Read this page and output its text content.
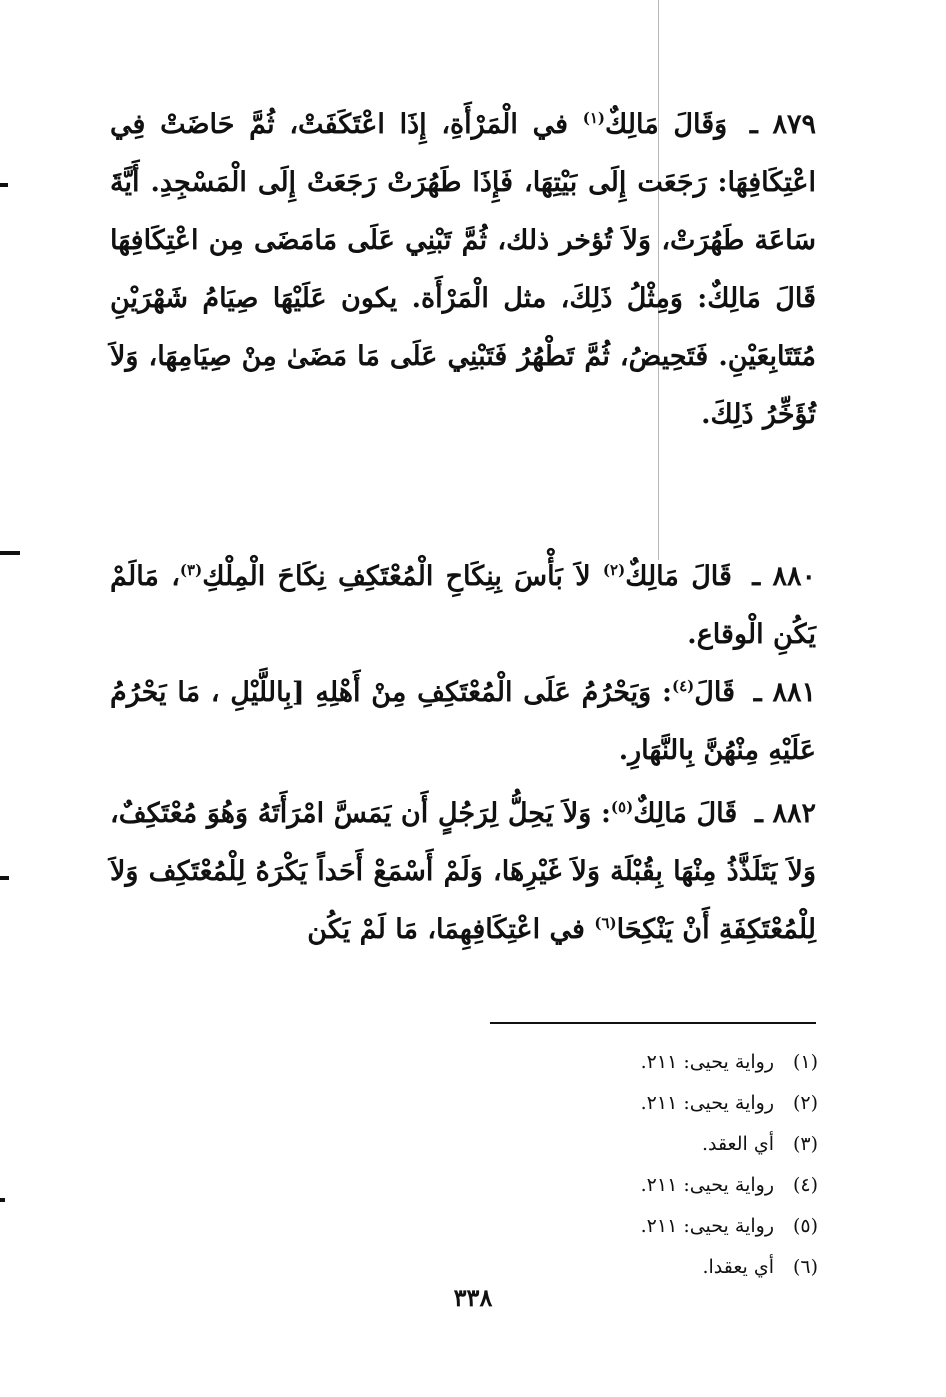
٨٧٩ ـ وَقَالَ مَالِكٌ$^{(١)}$ في الْمَرْأَةِ، إِذَا اعْتَكَفَتْ، ثُمَّ حَاضَتْ فِي اعْتِكَافِهَا: رَجَعَت إِلَى بَيْتِهَا، فَإِذَا طَهُرَتْ رَجَعَتْ إِلَى الْمَسْجِدِ. أَيَّةَ سَاعَة طَهُرَتْ، وَلاَ تُؤخر ذلك، ثُمَّ تَبْنِي عَلَى مَامَضَى مِن اعْتِكَافِهَا قَالَ مَالِكٌ: وَمِثْلُ ذَلِكَ، مثل الْمَرْأَة. يكون عَلَيْهَا صِيَامُ شَهْرَيْنِ مُتَتَابِعَيْنِ. فَتَحِيضُ، ثُمَّ تَطْهُرُ فَتَبْنِي عَلَى مَا مَضَىٰ مِنْ صِيَامِهَا، وَلاَ تُؤَخِّرُ ذَلِكَ.

٨٨٠ ـ قَالَ مَالِكٌ$^{(٢)}$ لاَ بَأْسَ بِنِكَاحِ الْمُعْتَكِفِ نِكَاحَ الْمِلْكِ$^{(٣)}$، مَالَمْ يَكُنِ الْوقاع.

٨٨١ ـ قَالَ$^{(٤)}$: وَيَحْرُمُ عَلَى الْمُعْتَكِفِ مِنْ أَهْلِهِ [بِاللَّيْلِ ، مَا يَحْرُمُ عَلَيْهِ مِنْهُنَّ بِالنَّهَارِ.

٨٨٢ ـ قَالَ مَالِكٌ$^{(٥)}$: وَلاَ يَحِلُّ لِرَجُلٍ أَن يَمَسَّ امْرَأَتَهُ وَهُوَ مُعْتَكِفٌ، وَلاَ يَتَلَذَّذُ مِنْهَا بِقُبْلَة وَلاَ غَيْرِهَا، وَلَمْ أَسْمَعْ أَحَداً يَكْرَهُ لِلْمُعْتَكِف وَلاَ لِلْمُعْتَكِفَةِ أَنْ يَنْكِحَا$^{(٦)}$ في اعْتِكَافِهِمَا، مَا لَمْ يَكُن

(١)
رواية يحيى: ٢١١.
(٢)
رواية يحيى: ٢١١.
(٣)
أي العقد.
(٤)
رواية يحيى: ٢١١.
(٥)
رواية يحيى: ٢١١.
(٦)
أي يعقدا.
٣٣٨
